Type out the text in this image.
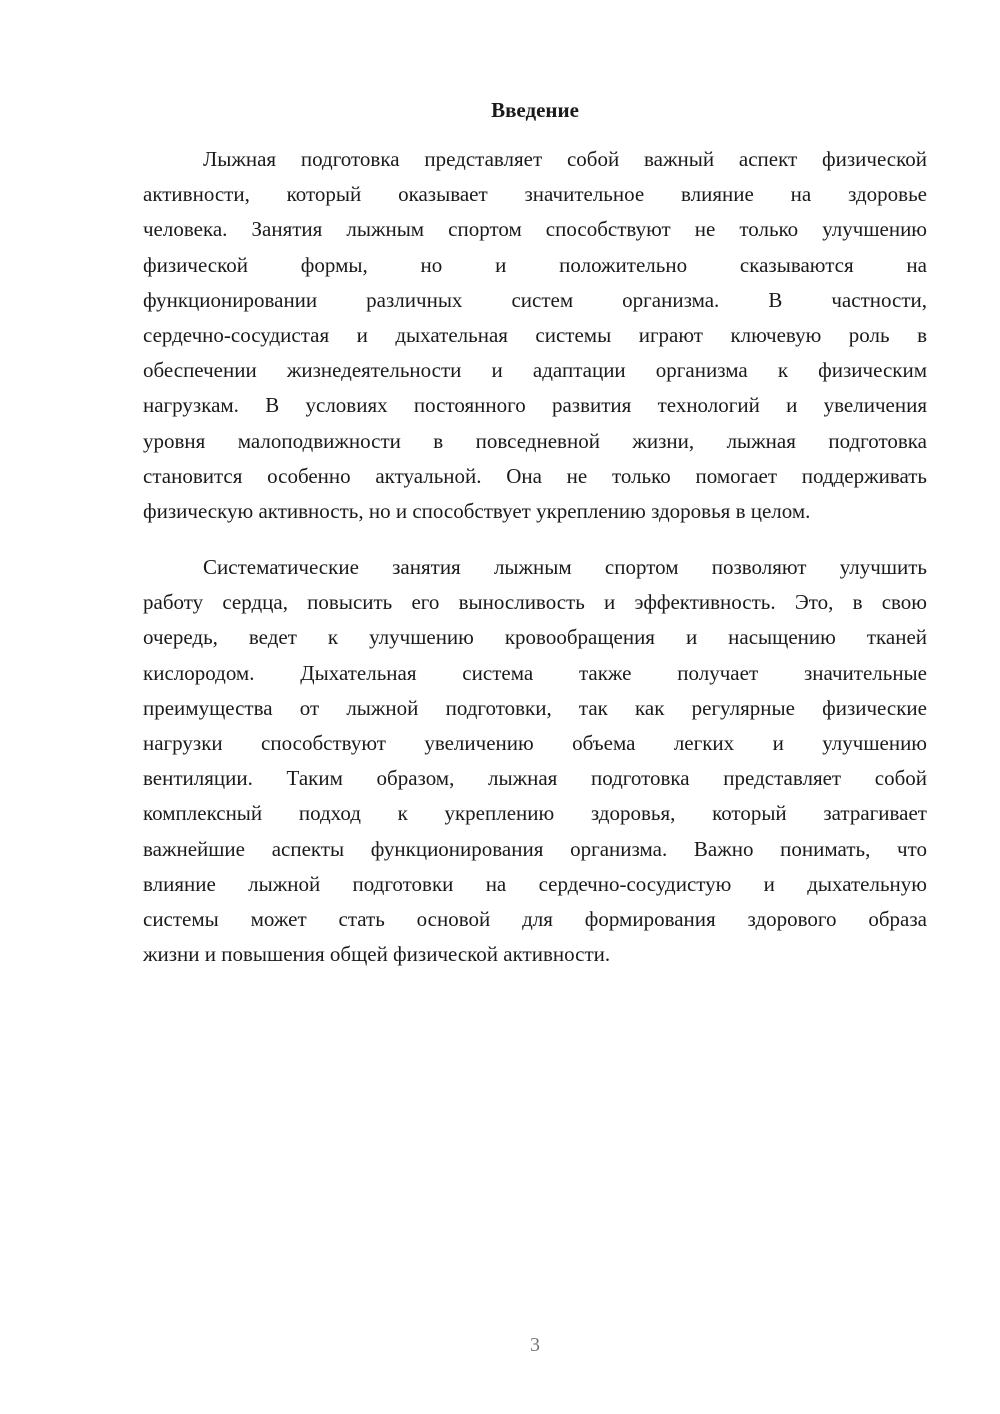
Введение
Лыжная подготовка представляет собой важный аспект физической
активности, который оказывает значительное влияние на здоровье
человека. Занятия лыжным спортом способствуют не только улучшению
физической формы, но и положительно сказываются на
функционировании различных систем организма. В частности,
сердечно-сосудистая и дыхательная системы играют ключевую роль в
обеспечении жизнедеятельности и адаптации организма к физическим
нагрузкам. В условиях постоянного развития технологий и увеличения
уровня малоподвижности в повседневной жизни, лыжная подготовка
становится особенно актуальной. Она не только помогает поддерживать
физическую активность, но и способствует укреплению здоровья в целом.
Систематические занятия лыжным спортом позволяют улучшить
работу сердца, повысить его выносливость и эффективность. Это, в свою
очередь, ведет к улучшению кровообращения и насыщению тканей
кислородом. Дыхательная система также получает значительные
преимущества от лыжной подготовки, так как регулярные физические
нагрузки способствуют увеличению объема легких и улучшению
вентиляции. Таким образом, лыжная подготовка представляет собой
комплексный подход к укреплению здоровья, который затрагивает
важнейшие аспекты функционирования организма. Важно понимать, что
влияние лыжной подготовки на сердечно-сосудистую и дыхательную
системы может стать основой для формирования здорового образа
жизни и повышения общей физической активности.
3
